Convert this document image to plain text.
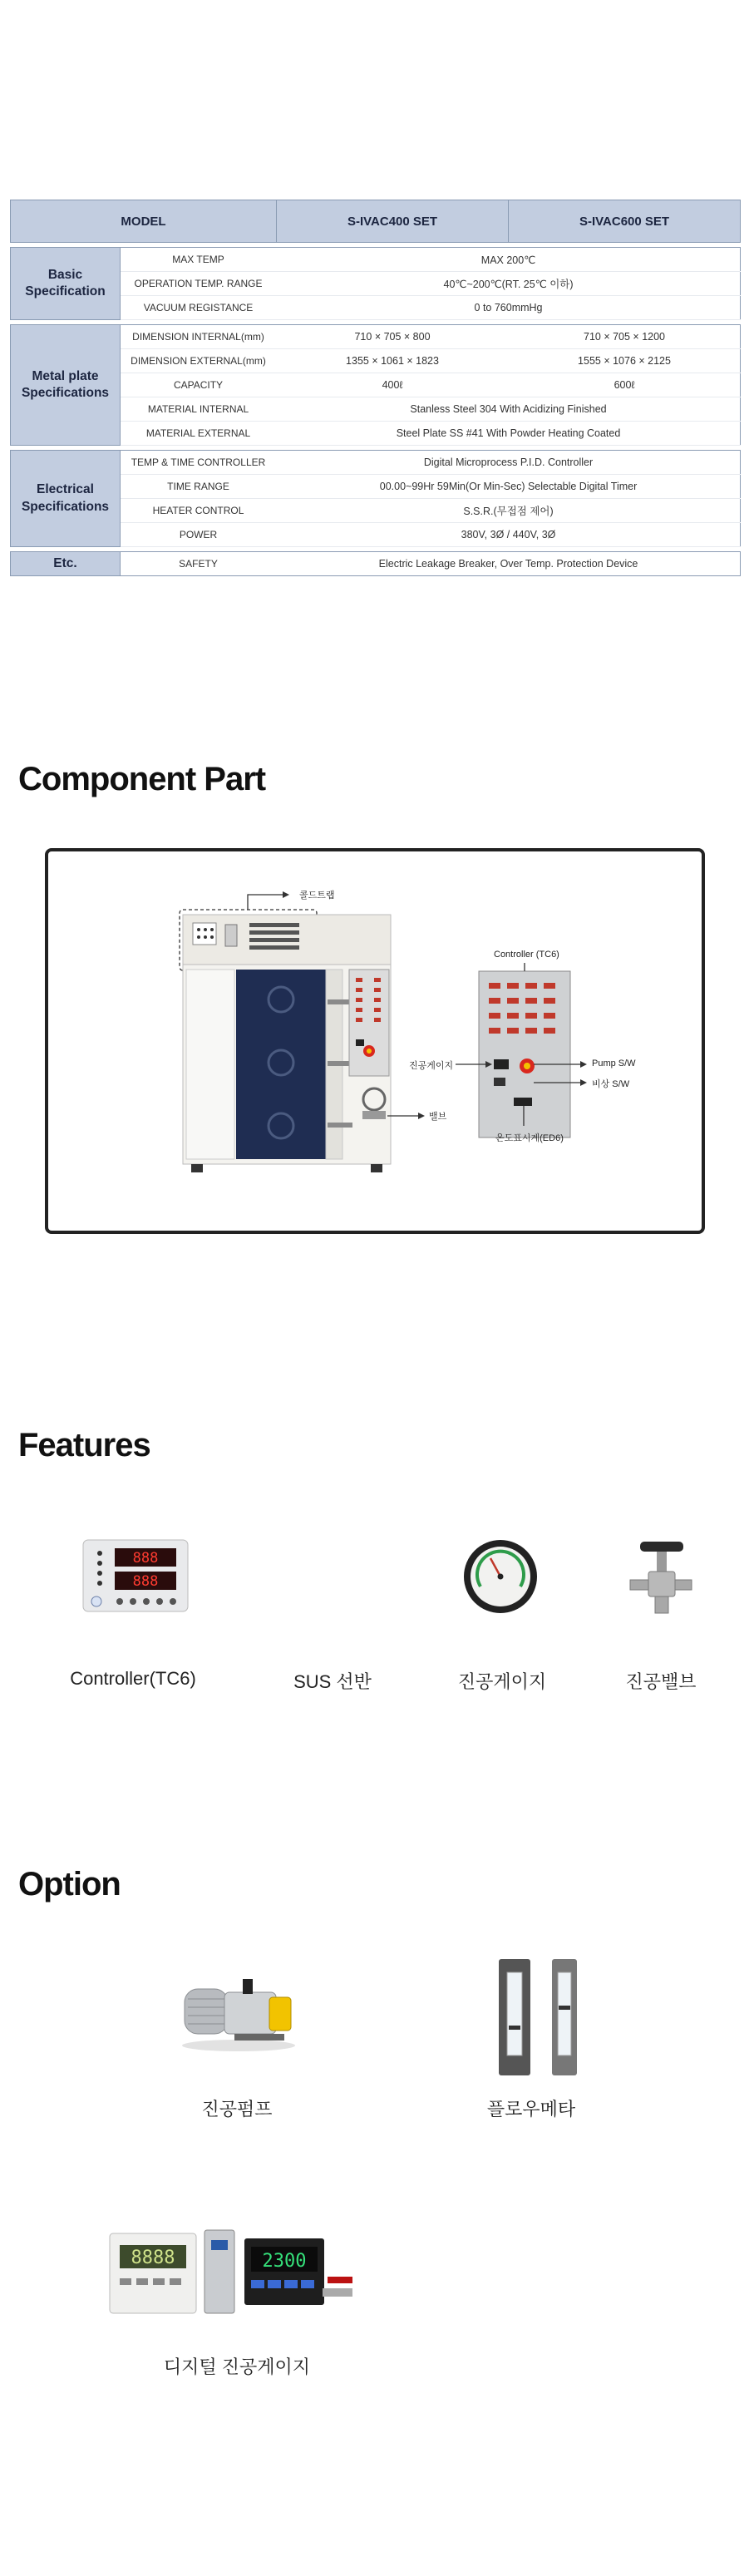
MODEL		S-IVAC400 SET	S-IVAC600 SET

Basic Specification	MAX TEMP	MAX 200℃	
	OPERATION TEMP. RANGE	40℃~200℃(RT. 25℃ 이하)	
	VACUUM REGISTANCE	0 to 760mmHg	

Metal plate Specifications	DIMENSION INTERNAL(mm)	710 × 705 × 800	710 × 705 × 1200
	DIMENSION EXTERNAL(mm)	1355 × 1061 × 1823	1555 × 1076 × 2125
	CAPACITY	400ℓ	600ℓ
	MATERIAL INTERNAL	Stanless Steel 304 With Acidizing Finished	
	MATERIAL EXTERNAL	Steel Plate SS #41 With Powder Heating Coated	

Electrical Specifications	TEMP & TIME CONTROLLER	Digital Microprocess P.I.D. Controller	
	TIME RANGE	00.00~99Hr 59Min(Or Min-Sec) Selectable Digital Timer	
	HEATER CONTROL	S.S.R.(무접점 제어)	
	POWER	380V, 3Ø / 440V, 3Ø	

Etc.	SAFETY	Electric Leakage Breaker, Over Temp. Protection Device	
Component Part
콜드트랩
밸브
Controller (TC6)
진공게이지	Pump S/W
비상 S/W
온도표시계(ED6)
Features
888
888
Controller(TC6)	SUS 선반	진공게이지	진공밸브
Option
진공펌프	플로우메타
8888	2300
디지털 진공게이지
